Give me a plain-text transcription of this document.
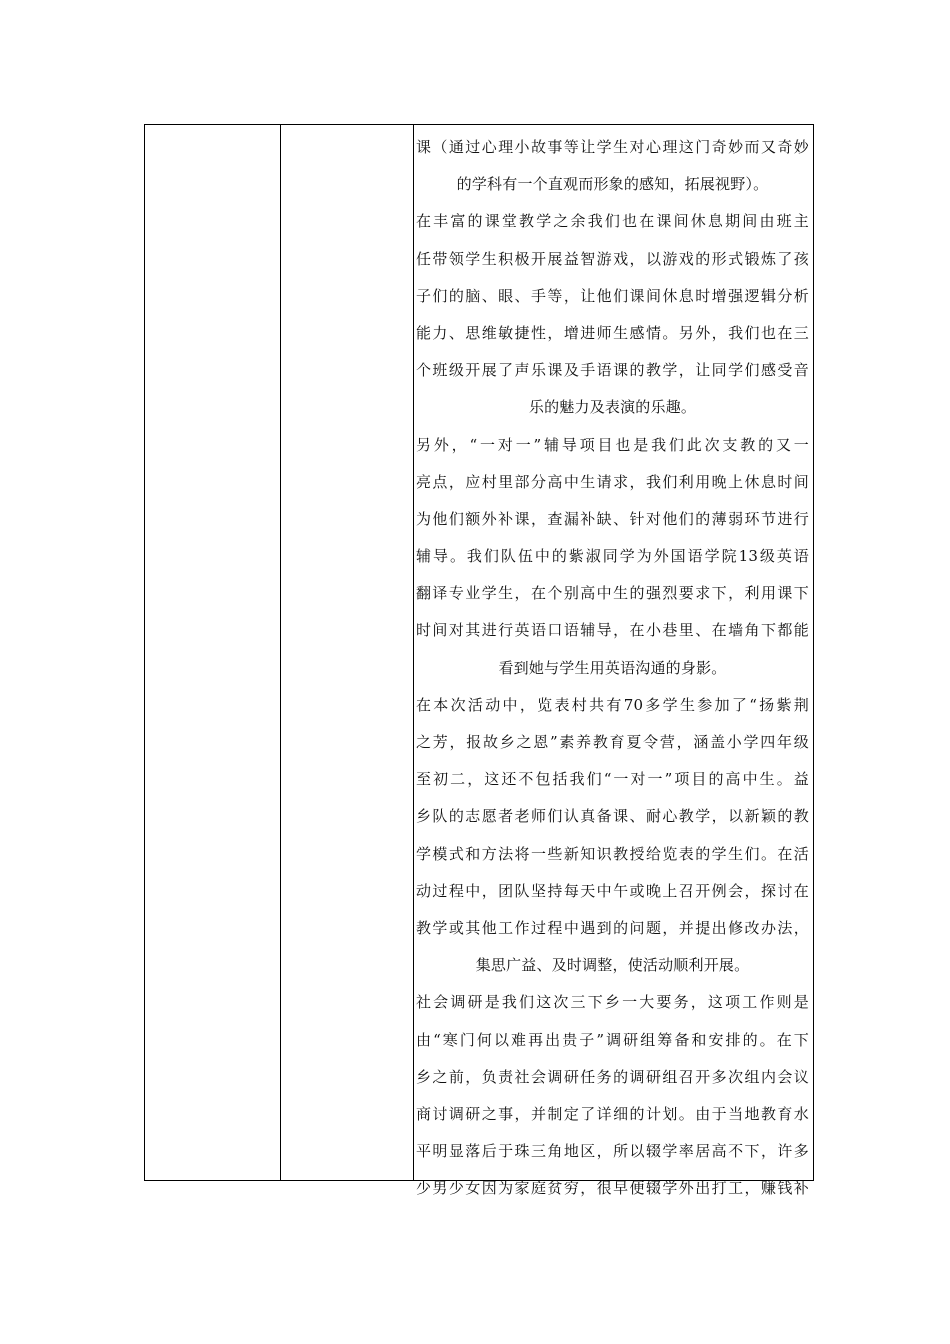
课（通过心理小故事等让学生对心理这门奇妙而又奇妙
的学科有一个直观而形象的感知，拓展视野）。
在丰富的课堂教学之余我们也在课间休息期间由班主
任带领学生积极开展益智游戏，以游戏的形式锻炼了孩
子们的脑、眼、手等，让他们课间休息时增强逻辑分析
能力、思维敏捷性，增进师生感情。另外，我们也在三
个班级开展了声乐课及手语课的教学，让同学们感受音
乐的魅力及表演的乐趣。
另外，“一对一”辅导项目也是我们此次支教的又一
亮点，应村里部分高中生请求，我们利用晚上休息时间
为他们额外补课，查漏补缺、针对他们的薄弱环节进行
辅导。我们队伍中的紫淑同学为外国语学院13级英语
翻译专业学生，在个别高中生的强烈要求下，利用课下
时间对其进行英语口语辅导，在小巷里、在墙角下都能
看到她与学生用英语沟通的身影。
在本次活动中，览表村共有70多学生参加了“扬紫荆
之芳，报故乡之恩”素养教育夏令营，涵盖小学四年级
至初二，这还不包括我们“一对一”项目的高中生。益
乡队的志愿者老师们认真备课、耐心教学，以新颖的教
学模式和方法将一些新知识教授给览表的学生们。在活
动过程中，团队坚持每天中午或晚上召开例会，探讨在
教学或其他工作过程中遇到的问题，并提出修改办法，
集思广益、及时调整，使活动顺利开展。
社会调研是我们这次三下乡一大要务，这项工作则是
由“寒门何以难再出贵子”调研组筹备和安排的。在下
乡之前，负责社会调研任务的调研组召开多次组内会议
商讨调研之事，并制定了详细的计划。由于当地教育水
平明显落后于珠三角地区，所以辍学率居高不下，许多
少男少女因为家庭贫穷，很早便辍学外出打工，赚钱补
